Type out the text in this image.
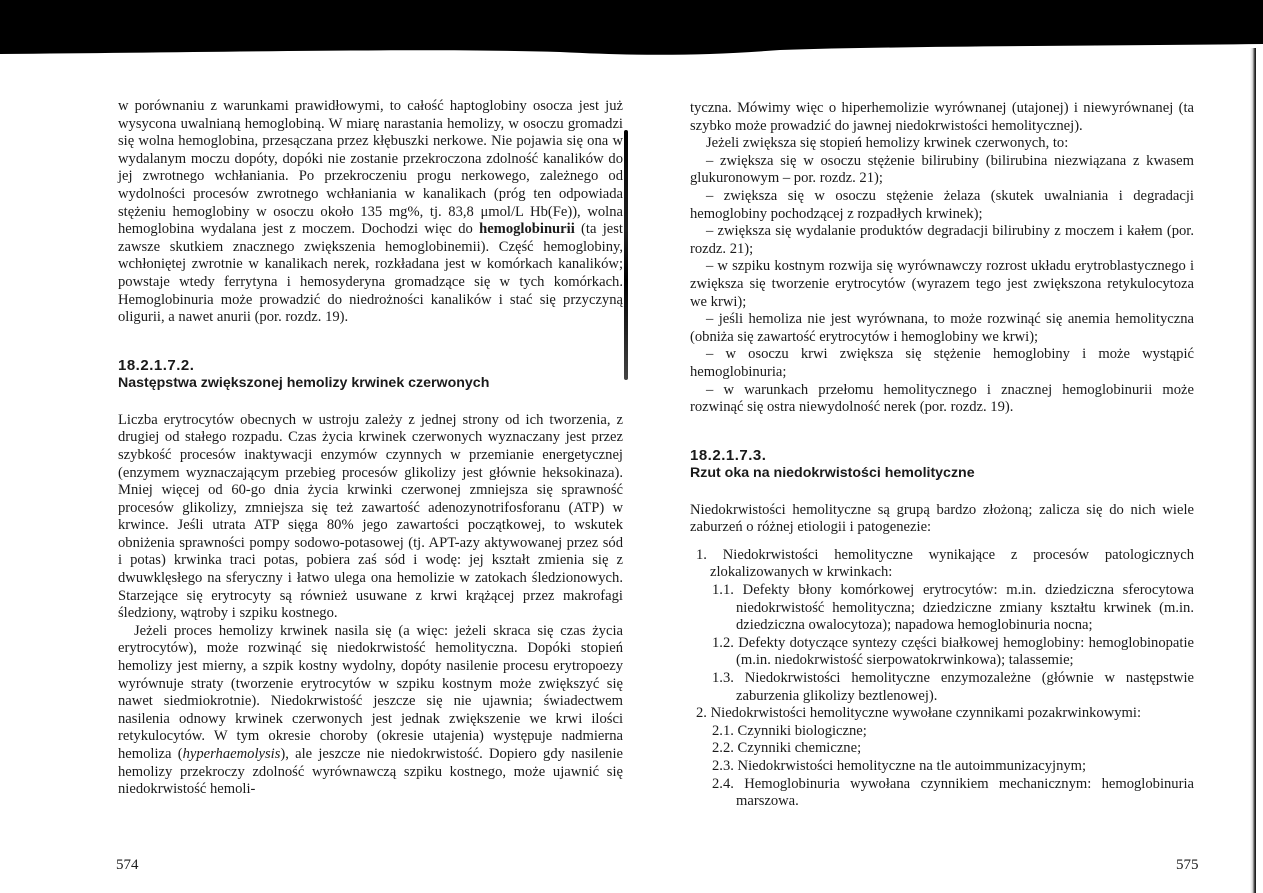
w porównaniu z warunkami prawidłowymi, to całość haptoglobiny osocza jest już wysycona uwalnianą hemoglobiną. W miarę narastania hemolizy, w osoczu gromadzi się wolna hemoglobina, przesączana przez kłębuszki nerkowe. Nie pojawia się ona w wydalanym moczu dopóty, dopóki nie zostanie przekroczona zdolność kanalików do jej zwrotnego wchłaniania. Po przekroczeniu progu nerkowego, zależnego od wydolności procesów zwrotnego wchłaniania w kanalikach (próg ten odpowiada stężeniu hemoglobiny w osoczu około 135 mg%, tj. 83,8 μmol/L Hb(Fe)), wolna hemoglobina wydalana jest z moczem. Dochodzi więc do hemoglobinurii (ta jest zawsze skutkiem znacznego zwiększenia hemoglobinemii). Część hemoglobiny, wchłoniętej zwrotnie w kanalikach nerek, rozkładana jest w komórkach kanalików; powstaje wtedy ferrytyna i hemosyderyna gromadzące się w tych komórkach. Hemoglobinuria może prowadzić do niedrożności kanalików i stać się przyczyną oligurii, a nawet anurii (por. rozdz. 19).

18.2.1.7.2.
Następstwa zwiększonej hemolizy krwinek czerwonych

Liczba erytrocytów obecnych w ustroju zależy z jednej strony od ich tworzenia, z drugiej od stałego rozpadu. Czas życia krwinek czerwonych wyznaczany jest przez szybkość procesów inaktywacji enzymów czynnych w przemianie energetycznej (enzymem wyznaczającym przebieg procesów glikolizy jest głównie heksokinaza). Mniej więcej od 60-go dnia życia krwinki czerwonej zmniejsza się sprawność procesów glikolizy, zmniejsza się też zawartość adenozynotrifosforanu (ATP) w krwince. Jeśli utrata ATP sięga 80% jego zawartości początkowej, to wskutek obniżenia sprawności pompy sodowo-potasowej (tj. APT-azy aktywowanej przez sód i potas) krwinka traci potas, pobiera zaś sód i wodę: jej kształt zmienia się z dwuwklęsłego na sferyczny i łatwo ulega ona hemolizie w zatokach śledzionowych. Starzejące się erytrocyty są również usuwane z krwi krążącej przez makrofagi śledziony, wątroby i szpiku kostnego.

Jeżeli proces hemolizy krwinek nasila się (a więc: jeżeli skraca się czas życia erytrocytów), może rozwinąć się niedokrwistość hemolityczna. Dopóki stopień hemolizy jest mierny, a szpik kostny wydolny, dopóty nasilenie procesu erytropoezy wyrównuje straty (tworzenie erytrocytów w szpiku kostnym może zwiększyć się nawet siedmiokrotnie). Niedokrwistość jeszcze się nie ujawnia; świadectwem nasilenia odnowy krwinek czerwonych jest jednak zwiększenie we krwi ilości retykulocytów. W tym okresie choroby (okresie utajenia) występuje nadmierna hemoliza (hyperhaemolysis), ale jeszcze nie niedokrwistość. Dopiero gdy nasilenie hemolizy przekroczy zdolność wyrównawczą szpiku kostnego, może ujawnić się niedokrwistość hemoli-

574

tyczna. Mówimy więc o hiperhemolizie wyrównanej (utajonej) i niewyrównanej (ta szybko może prowadzić do jawnej niedokrwistości hemolitycznej).

Jeżeli zwiększa się stopień hemolizy krwinek czerwonych, to:

– zwiększa się w osoczu stężenie bilirubiny (bilirubina niezwiązana z kwasem glukuronowym – por. rozdz. 21);

– zwiększa się w osoczu stężenie żelaza (skutek uwalniania i degradacji hemoglobiny pochodzącej z rozpadłych krwinek);

– zwiększa się wydalanie produktów degradacji bilirubiny z moczem i kałem (por. rozdz. 21);

– w szpiku kostnym rozwija się wyrównawczy rozrost układu erytroblastycznego i zwiększa się tworzenie erytrocytów (wyrazem tego jest zwiększona retykulocytoza we krwi);

– jeśli hemoliza nie jest wyrównana, to może rozwinąć się anemia hemolityczna (obniża się zawartość erytrocytów i hemoglobiny we krwi);

– w osoczu krwi zwiększa się stężenie hemoglobiny i może wystąpić hemoglobinuria;

– w warunkach przełomu hemolitycznego i znacznej hemoglobinurii może rozwinąć się ostra niewydolność nerek (por. rozdz. 19).

18.2.1.7.3.
Rzut oka na niedokrwistości hemolityczne

Niedokrwistości hemolityczne są grupą bardzo złożoną; zalicza się do nich wiele zaburzeń o różnej etiologii i patogenezie:

1. Niedokrwistości hemolityczne wynikające z procesów patologicznych zlokalizowanych w krwinkach:

1.1. Defekty błony komórkowej erytrocytów: m.in. dziedziczna sferocytowa niedokrwistość hemolityczna; dziedziczne zmiany kształtu krwinek (m.in. dziedziczna owalocytoza); napadowa hemoglobinuria nocna;

1.2. Defekty dotyczące syntezy części białkowej hemoglobiny: hemoglobinopatie (m.in. niedokrwistość sierpowatokrwinkowa); talassemie;

1.3. Niedokrwistości hemolityczne enzymozależne (głównie w następstwie zaburzenia glikolizy beztlenowej).

2. Niedokrwistości hemolityczne wywołane czynnikami pozakrwinkowymi:

2.1. Czynniki biologiczne;

2.2. Czynniki chemiczne;

2.3. Niedokrwistości hemolityczne na tle autoimmunizacyjnym;

2.4. Hemoglobinuria wywołana czynnikiem mechanicznym: hemoglobinuria marszowa.

575
